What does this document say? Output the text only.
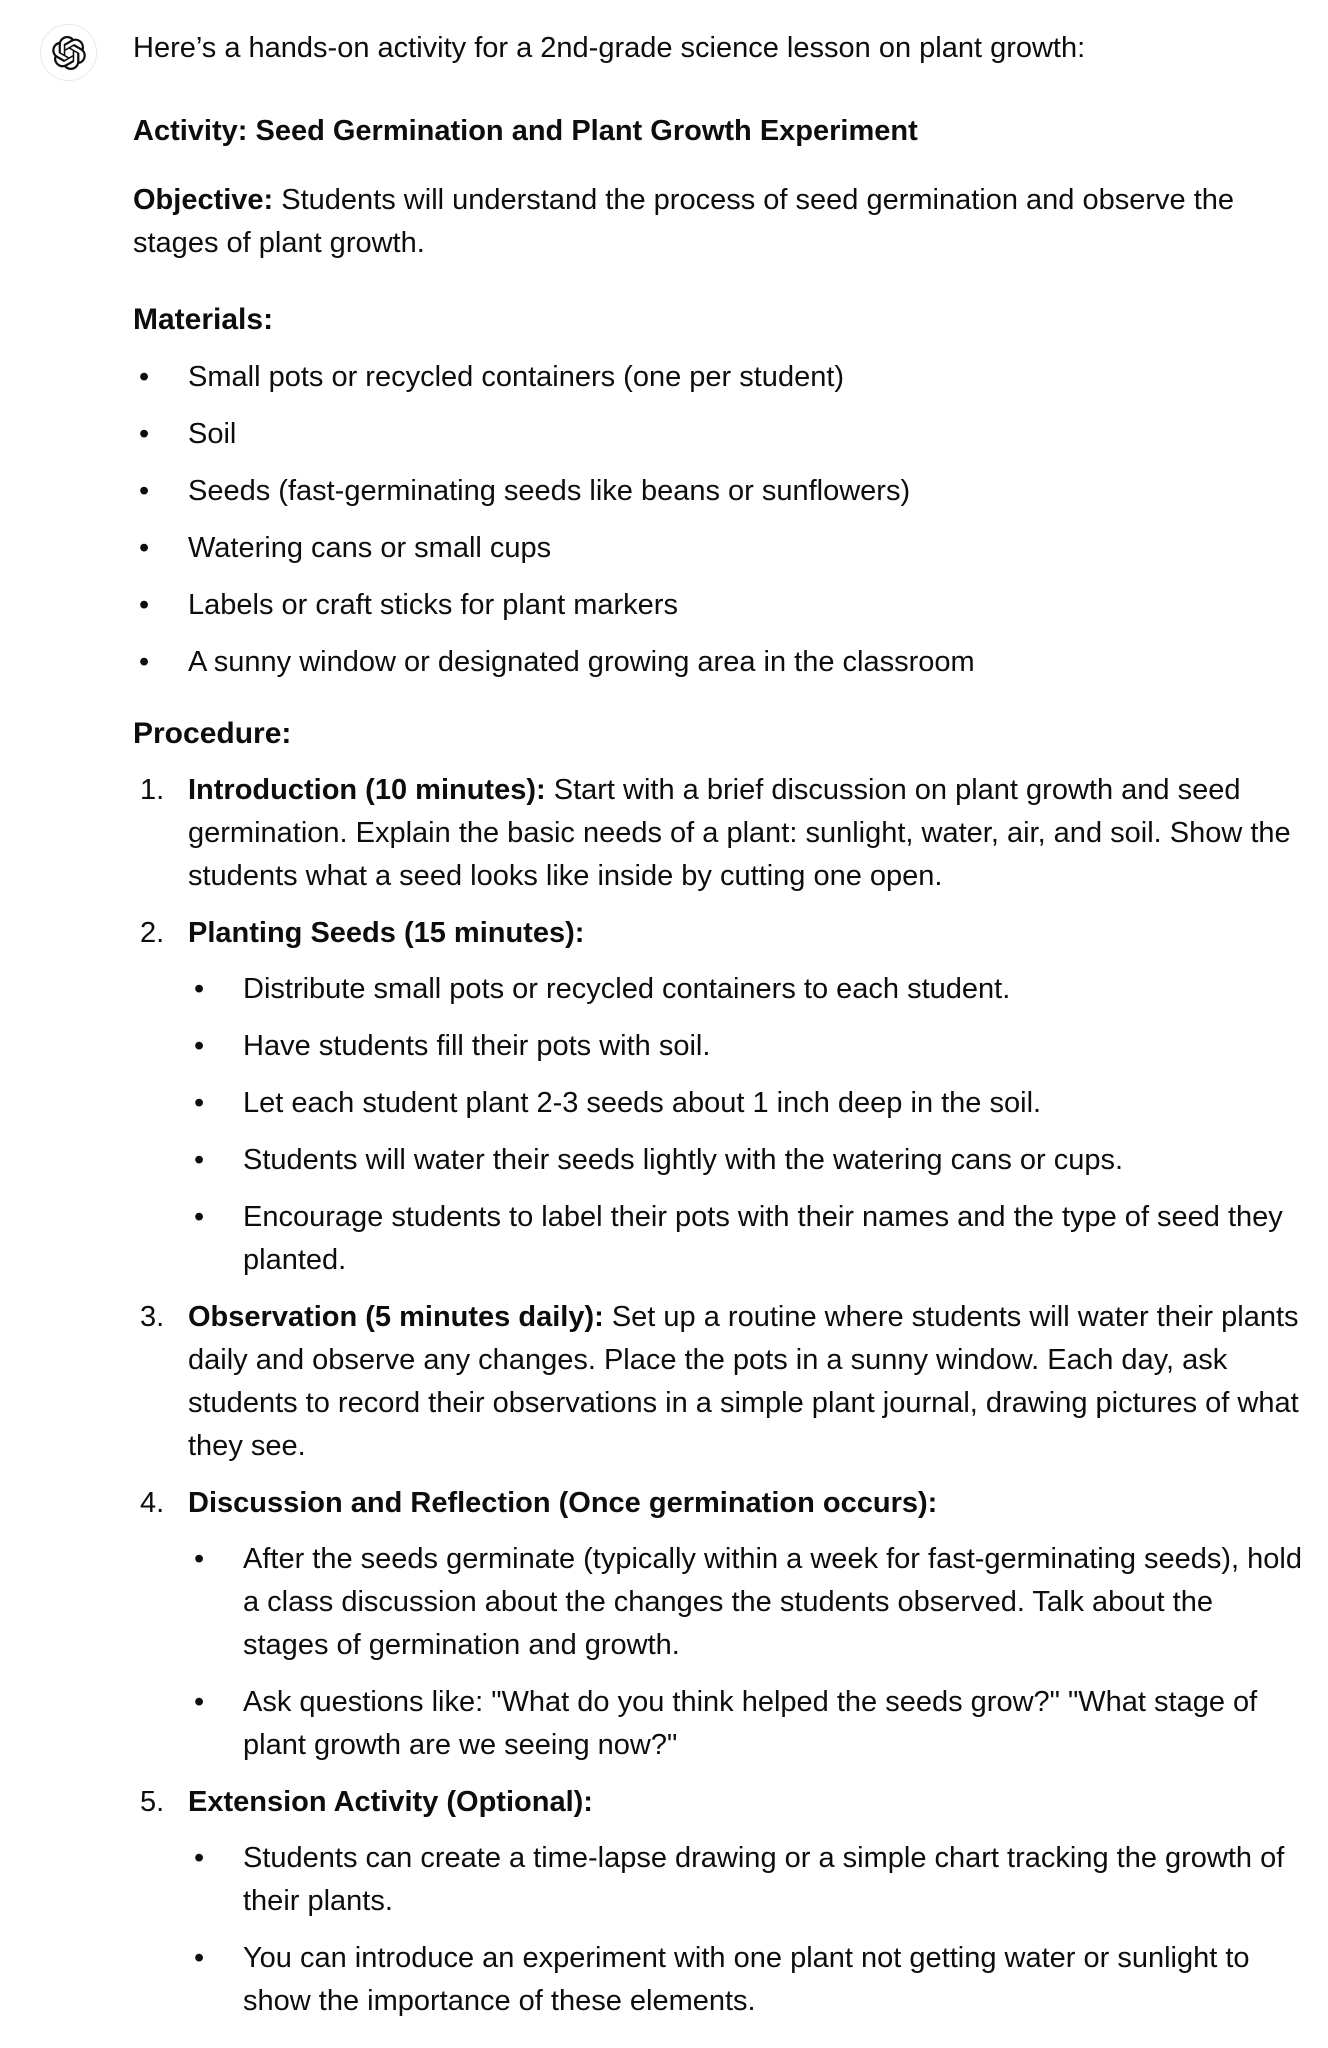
Here’s a hands-on activity for a 2nd-grade science lesson on plant growth:

Activity: Seed Germination and Plant Growth Experiment

Objective: Students will understand the process of seed germination and observe the stages of plant growth.

Materials:
• Small pots or recycled containers (one per student)
• Soil
• Seeds (fast-germinating seeds like beans or sunflowers)
• Watering cans or small cups
• Labels or craft sticks for plant markers
• A sunny window or designated growing area in the classroom
Procedure:
1. Introduction (10 minutes): Start with a brief discussion on plant growth and seed germination. Explain the basic needs of a plant: sunlight, water, air, and soil. Show the students what a seed looks like inside by cutting one open.
2. Planting Seeds (15 minutes):
• Distribute small pots or recycled containers to each student.
• Have students fill their pots with soil.
• Let each student plant 2-3 seeds about 1 inch deep in the soil.
• Students will water their seeds lightly with the watering cans or cups.
• Encourage students to label their pots with their names and the type of seed they planted.
3. Observation (5 minutes daily): Set up a routine where students will water their plants daily and observe any changes. Place the pots in a sunny window. Each day, ask students to record their observations in a simple plant journal, drawing pictures of what they see.
4. Discussion and Reflection (Once germination occurs):
• After the seeds germinate (typically within a week for fast-germinating seeds), hold a class discussion about the changes the students observed. Talk about the stages of germination and growth.
• Ask questions like: "What do you think helped the seeds grow?" "What stage of plant growth are we seeing now?"
5. Extension Activity (Optional):
• Students can create a time-lapse drawing or a simple chart tracking the growth of their plants.
• You can introduce an experiment with one plant not getting water or sunlight to show the importance of these elements.
